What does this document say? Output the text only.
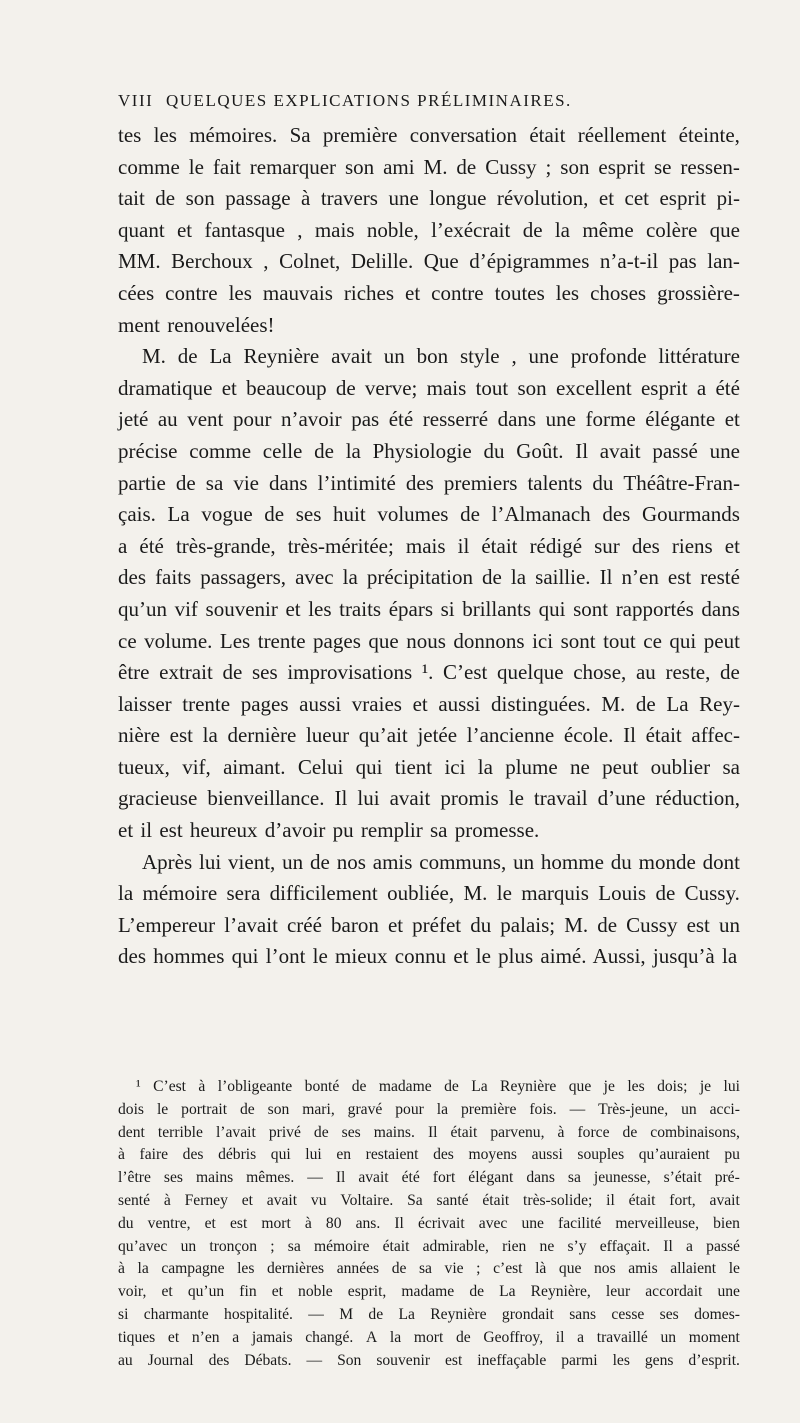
VIII QUELQUES EXPLICATIONS PRÉLIMINAIRES.
tes les mémoires. Sa première conversation était réellement éteinte,
comme le fait remarquer son ami M. de Cussy ; son esprit se ressen-
tait de son passage à travers une longue révolution, et cet esprit pi-
quant et fantasque , mais noble, l’exécrait de la même colère que
MM. Berchoux , Colnet, Delille. Que d’épigrammes n’a-t-il pas lan-
cées contre les mauvais riches et contre toutes les choses grossière-
ment renouvelées!
M. de La Reynière avait un bon style , une profonde littérature
dramatique et beaucoup de verve; mais tout son excellent esprit a été
jeté au vent pour n’avoir pas été resserré dans une forme élégante et
précise comme celle de la Physiologie du Goût. Il avait passé une
partie de sa vie dans l’intimité des premiers talents du Théâtre-Fran-
çais. La vogue de ses huit volumes de l’Almanach des Gourmands
a été très-grande, très-méritée; mais il était rédigé sur des riens et
des faits passagers, avec la précipitation de la saillie. Il n’en est resté
qu’un vif souvenir et les traits épars si brillants qui sont rapportés dans
ce volume. Les trente pages que nous donnons ici sont tout ce qui peut
être extrait de ses improvisations ¹. C’est quelque chose, au reste, de
laisser trente pages aussi vraies et aussi distinguées. M. de La Rey-
nière est la dernière lueur qu’ait jetée l’ancienne école. Il était affec-
tueux, vif, aimant. Celui qui tient ici la plume ne peut oublier sa
gracieuse bienveillance. Il lui avait promis le travail d’une réduction,
et il est heureux d’avoir pu remplir sa promesse.
Après lui vient, un de nos amis communs, un homme du monde dont
la mémoire sera difficilement oubliée, M. le marquis Louis de Cussy.
L’empereur l’avait créé baron et préfet du palais; M. de Cussy est un
des hommes qui l’ont le mieux connu et le plus aimé. Aussi, jusqu’à la
¹ C’est à l’obligeante bonté de madame de La Reynière que je les dois; je lui
dois le portrait de son mari, gravé pour la première fois. — Très-jeune, un acci-
dent terrible l’avait privé de ses mains. Il était parvenu, à force de combinaisons,
à faire des débris qui lui en restaient des moyens aussi souples qu’auraient pu
l’être ses mains mêmes. — Il avait été fort élégant dans sa jeunesse, s’était pré-
senté à Ferney et avait vu Voltaire. Sa santé était très-solide; il était fort, avait
du ventre, et est mort à 80 ans. Il écrivait avec une facilité merveilleuse, bien
qu’avec un tronçon ; sa mémoire était admirable, rien ne s’y effaçait. Il a passé
à la campagne les dernières années de sa vie ; c’est là que nos amis allaient le
voir, et qu’un fin et noble esprit, madame de La Reynière, leur accordait une
si charmante hospitalité. — M de La Reynière grondait sans cesse ses domes-
tiques et n’en a jamais changé. A la mort de Geoffroy, il a travaillé un moment
au Journal des Débats. — Son souvenir est ineffaçable parmi les gens d’esprit.
